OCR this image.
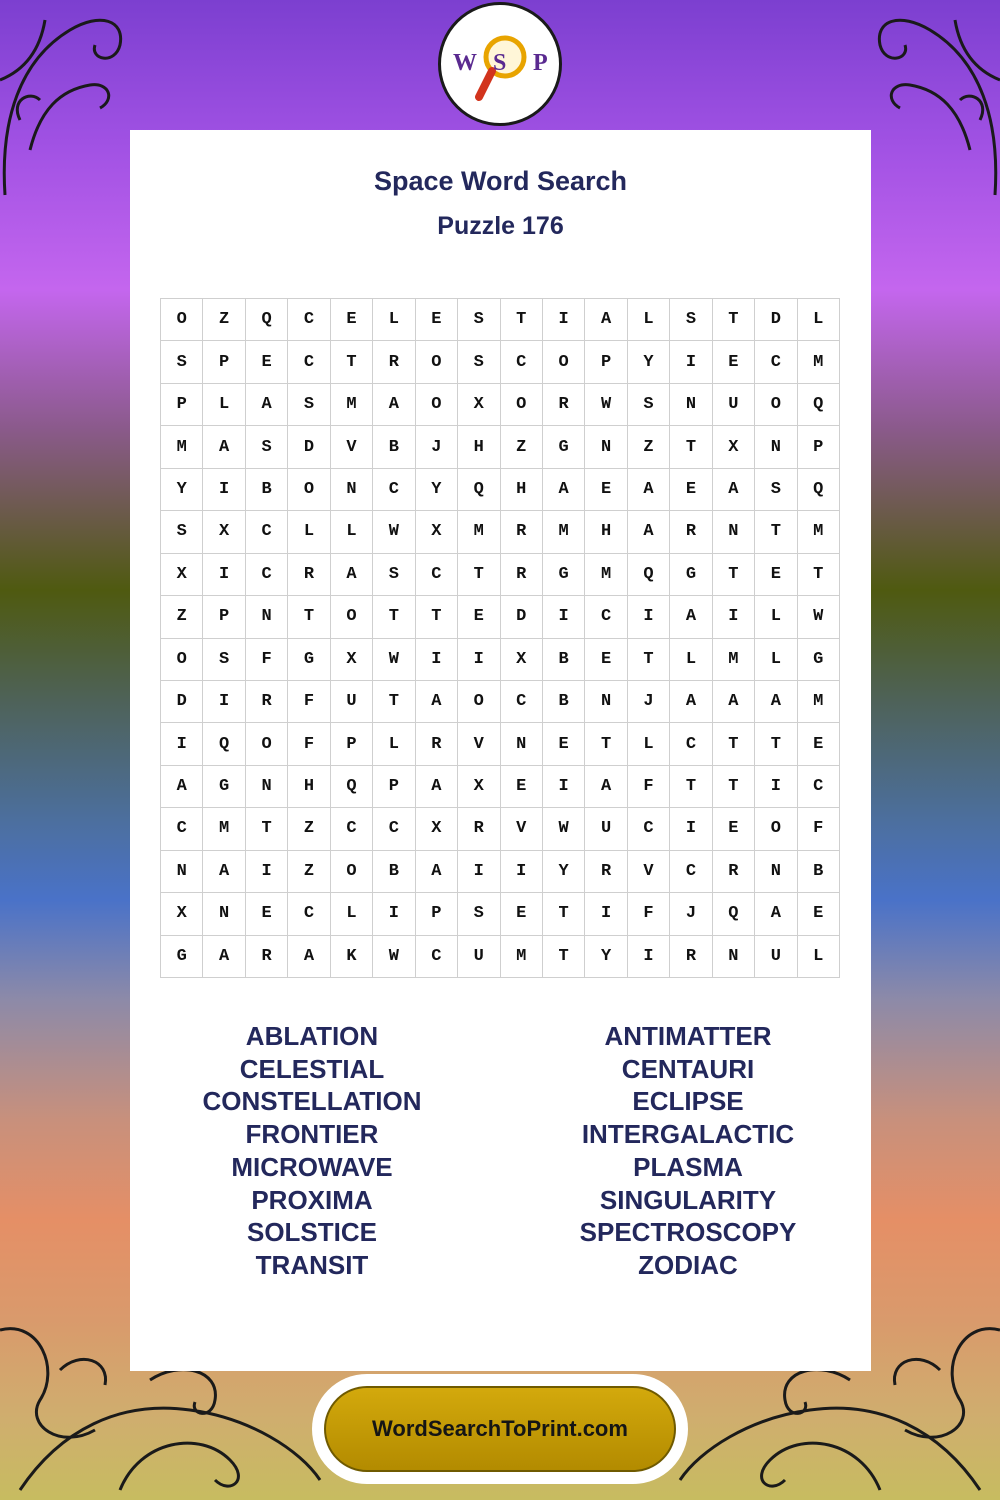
Space Word Search
Puzzle 176
O	Z	Q	C	E	L	E	S	T	I	A	L	S	T	D	L
S	P	E	C	T	R	O	S	C	O	P	Y	I	E	C	M
P	L	A	S	M	A	O	X	O	R	W	S	N	U	O	Q
M	A	S	D	V	B	J	H	Z	G	N	Z	T	X	N	P
Y	I	B	O	N	C	Y	Q	H	A	E	A	E	A	S	Q
S	X	C	L	L	W	X	M	R	M	H	A	R	N	T	M
X	I	C	R	A	S	C	T	R	G	M	Q	G	T	E	T
Z	P	N	T	O	T	T	E	D	I	C	I	A	I	L	W
O	S	F	G	X	W	I	I	X	B	E	T	L	M	L	G
D	I	R	F	U	T	A	O	C	B	N	J	A	A	A	M
I	Q	O	F	P	L	R	V	N	E	T	L	C	T	T	E
A	G	N	H	Q	P	A	X	E	I	A	F	T	T	I	C
C	M	T	Z	C	C	X	R	V	W	U	C	I	E	O	F
N	A	I	Z	O	B	A	I	I	Y	R	V	C	R	N	B
X	N	E	C	L	I	P	S	E	T	I	F	J	Q	A	E
G	A	R	A	K	W	C	U	M	T	Y	I	R	N	U	L
ABLATION
CELESTIAL
CONSTELLATION
FRONTIER
MICROWAVE
PROXIMA
SOLSTICE
TRANSIT
ANTIMATTER
CENTAURI
ECLIPSE
INTERGALACTIC
PLASMA
SINGULARITY
SPECTROSCOPY
ZODIAC
W S P
WordSearchToPrint.com
